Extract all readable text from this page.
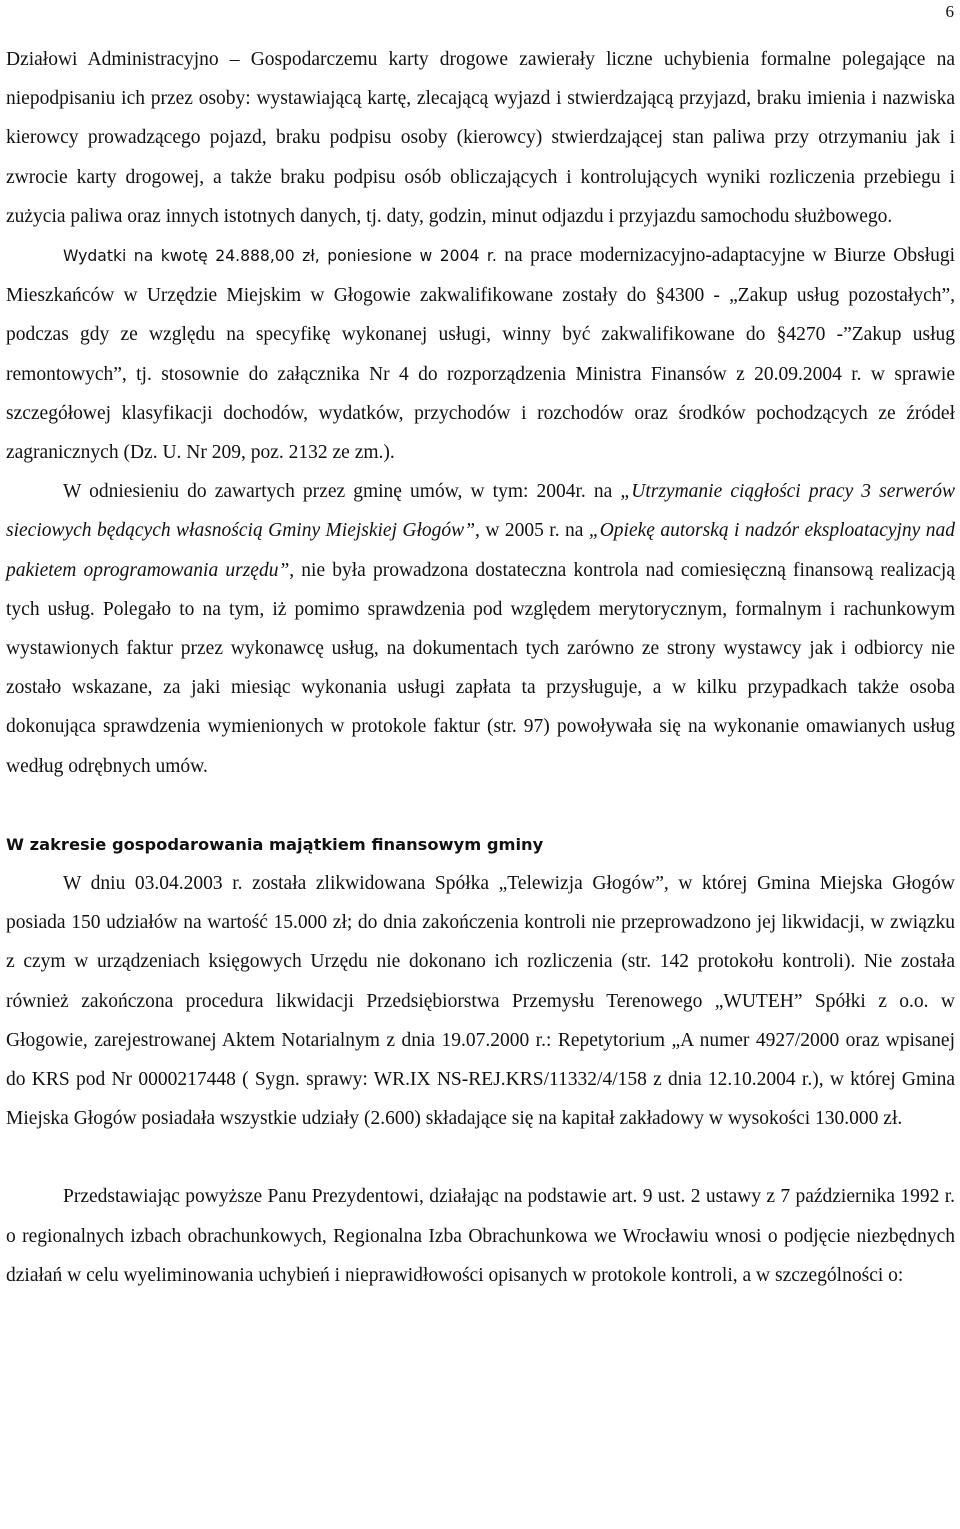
6

Działowi Administracyjno – Gospodarczemu karty drogowe zawierały liczne uchybienia formalne polegające na niepodpisaniu ich przez osoby: wystawiającą kartę, zlecającą wyjazd i stwierdzającą przyjazd, braku imienia i nazwiska kierowcy prowadzącego pojazd, braku podpisu osoby (kierowcy) stwierdzającej stan paliwa przy otrzymaniu jak i zwrocie karty drogowej, a także braku podpisu osób obliczających i kontrolujących wyniki rozliczenia przebiegu i zużycia paliwa oraz innych istotnych danych, tj. daty, godzin, minut odjazdu i przyjazdu samochodu służbowego.

Wydatki na kwotę 24.888,00 zł, poniesione w 2004 r. na prace modernizacyjno-adaptacyjne w Biurze Obsługi Mieszkańców w Urzędzie Miejskim w Głogowie zakwalifikowane zostały do §4300 - „Zakup usług pozostałych”, podczas gdy ze względu na specyfikę wykonanej usługi, winny być zakwalifikowane do §4270 -”Zakup usług remontowych”, tj. stosownie do załącznika Nr 4 do rozporządzenia Ministra Finansów z 20.09.2004 r. w sprawie szczegółowej klasyfikacji dochodów, wydatków, przychodów i rozchodów oraz środków pochodzących ze źródeł zagranicznych (Dz. U. Nr 209, poz. 2132 ze zm.).

W odniesieniu do zawartych przez gminę umów, w tym: 2004r. na „Utrzymanie ciągłości pracy 3 serwerów sieciowych będących własnością Gminy Miejskiej Głogów”, w 2005 r. na „Opiekę autorską i nadzór eksploatacyjny nad pakietem oprogramowania urzędu”, nie była prowadzona dostateczna kontrola nad comiesięczną finansową realizacją tych usług. Polegało to na tym, iż pomimo sprawdzenia pod względem merytorycznym, formalnym i rachunkowym wystawionych faktur przez wykonawcę usług, na dokumentach tych zarówno ze strony wystawcy jak i odbiorcy nie zostało wskazane, za jaki miesiąc wykonania usługi zapłata ta przysługuje, a w kilku przypadkach także osoba dokonująca sprawdzenia wymienionych w protokole faktur (str. 97) powoływała się na wykonanie omawianych usług według odrębnych umów.

W zakresie gospodarowania majątkiem finansowym gminy

W dniu 03.04.2003 r. została zlikwidowana Spółka „Telewizja Głogów”, w której Gmina Miejska Głogów posiada 150 udziałów na wartość 15.000 zł; do dnia zakończenia kontroli nie przeprowadzono jej likwidacji, w związku z czym w urządzeniach księgowych Urzędu nie dokonano ich rozliczenia (str. 142 protokołu kontroli). Nie została również zakończona procedura likwidacji Przedsiębiorstwa Przemysłu Terenowego „WUTEH” Spółki z o.o. w Głogowie, zarejestrowanej Aktem Notarialnym z dnia 19.07.2000 r.: Repetytorium „A numer 4927/2000 oraz wpisanej do KRS pod Nr 0000217448 ( Sygn. sprawy: WR.IX NS-REJ.KRS/11332/4/158 z dnia 12.10.2004 r.), w której Gmina Miejska Głogów posiadała wszystkie udziały (2.600) składające się na kapitał zakładowy w wysokości 130.000 zł.

Przedstawiając powyższe Panu Prezydentowi, działając na podstawie art. 9 ust. 2 ustawy z 7 października 1992 r. o regionalnych izbach obrachunkowych, Regionalna Izba Obrachunkowa we Wrocławiu wnosi o podjęcie niezbędnych działań w celu wyeliminowania uchybień i nieprawidłowości opisanych w protokole kontroli, a w szczególności o:
